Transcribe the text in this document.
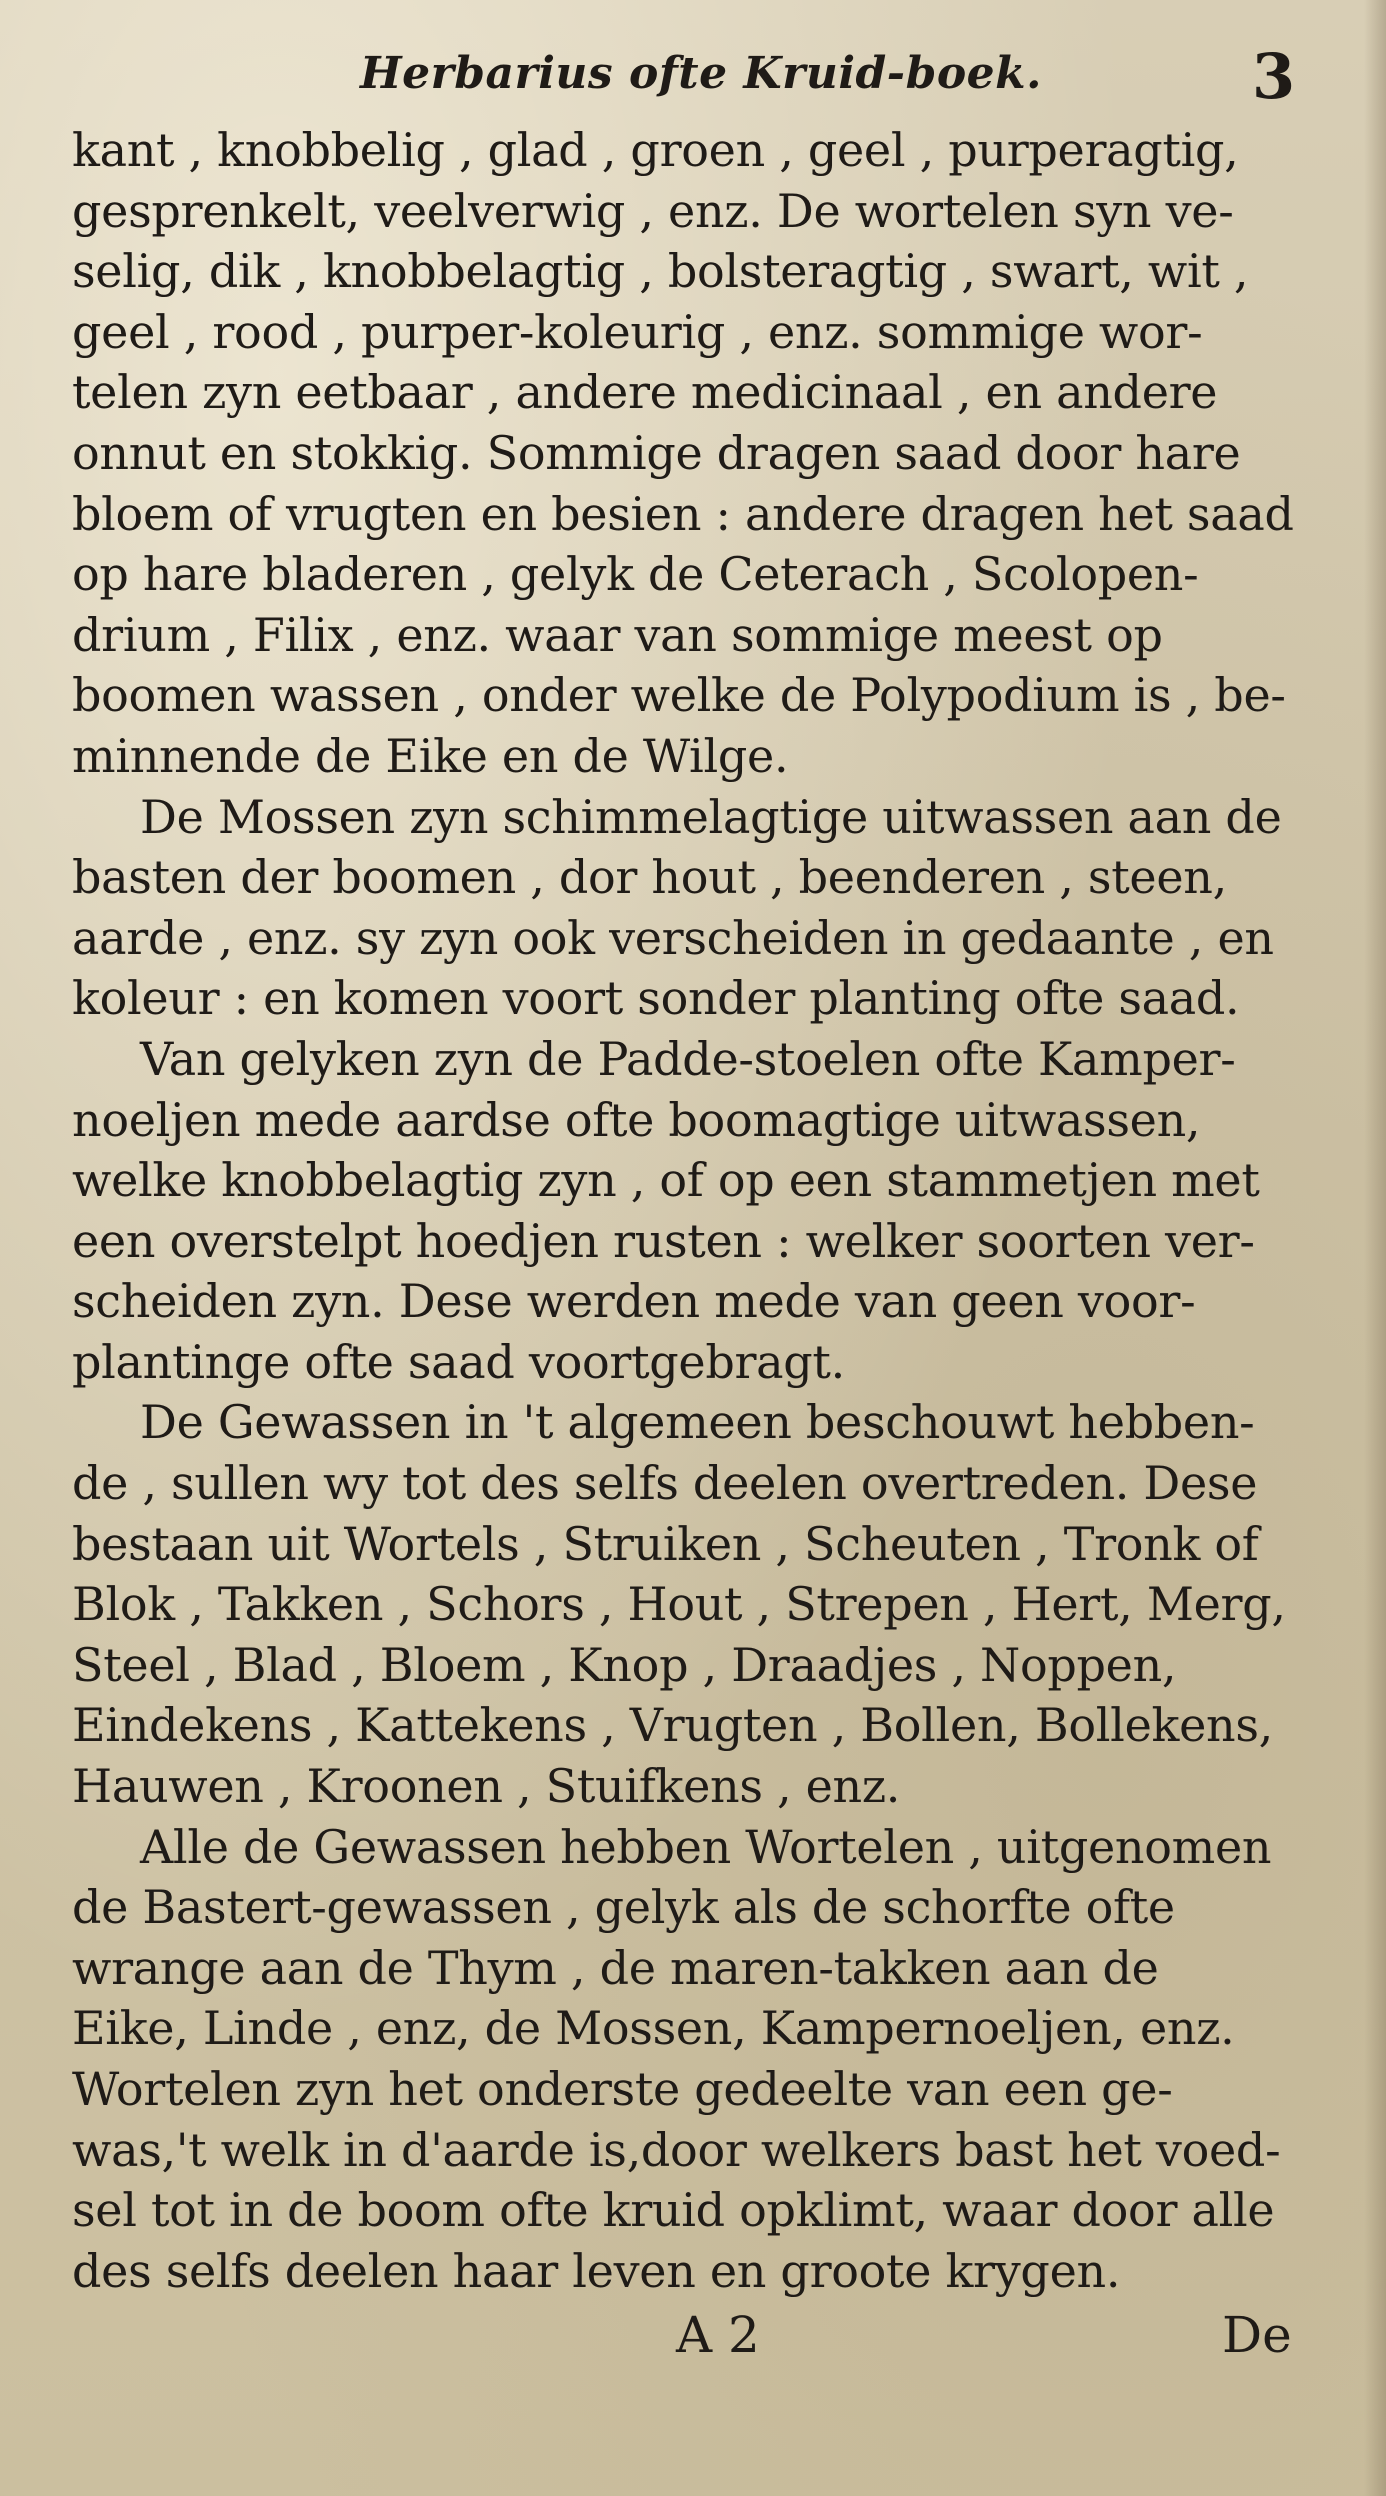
Herbarius ofte Kruid-boek.	3
kant , knobbelig , glad , groen , geel , purperagtig,
gesprenkelt, veelverwig , enz. De wortelen syn ve-
selig, dik , knobbelagtig , bolsteragtig , swart, wit ,
geel , rood , purper-koleurig , enz. sommige wor-
telen zyn eetbaar , andere medicinaal , en andere
onnut en stokkig. Sommige dragen saad door hare
bloem of vrugten en besien : andere dragen het saad
op hare bladeren , gelyk de Ceterach , Scolopen-
drium , Filix , enz. waar van sommige meest op
boomen wassen , onder welke de Polypodium is , be-
minnende de Eike en de Wilge.
De Mossen zyn schimmelagtige uitwassen aan de
basten der boomen , dor hout , beenderen , steen,
aarde , enz. sy zyn ook verscheiden in gedaante , en
koleur : en komen voort sonder planting ofte saad.
Van gelyken zyn de Padde-stoelen ofte Kamper-
noeljen mede aardse ofte boomagtige uitwassen,
welke knobbelagtig zyn , of op een stammetjen met
een overstelpt hoedjen rusten : welker soorten ver-
scheiden zyn. Dese werden mede van geen voor-
plantinge ofte saad voortgebragt.
De Gewassen in 't algemeen beschouwt hebben-
de , sullen wy tot des selfs deelen overtreden. Dese
bestaan uit Wortels , Struiken , Scheuten , Tronk of
Blok , Takken , Schors , Hout , Strepen , Hert, Merg,
Steel , Blad , Bloem , Knop , Draadjes , Noppen,
Eindekens , Kattekens , Vrugten , Bollen, Bollekens,
Hauwen , Kroonen , Stuifkens , enz.
Alle de Gewassen hebben Wortelen , uitgenomen
de Bastert-gewassen , gelyk als de schorfte ofte
wrange aan de Thym , de maren-takken aan de
Eike, Linde , enz, de Mossen, Kampernoeljen, enz.
Wortelen zyn het onderste gedeelte van een ge-
was,'t welk in d'aarde is,door welkers bast het voed-
sel tot in de boom ofte kruid opklimt, waar door alle
des selfs deelen haar leven en groote krygen.
A 2	De
